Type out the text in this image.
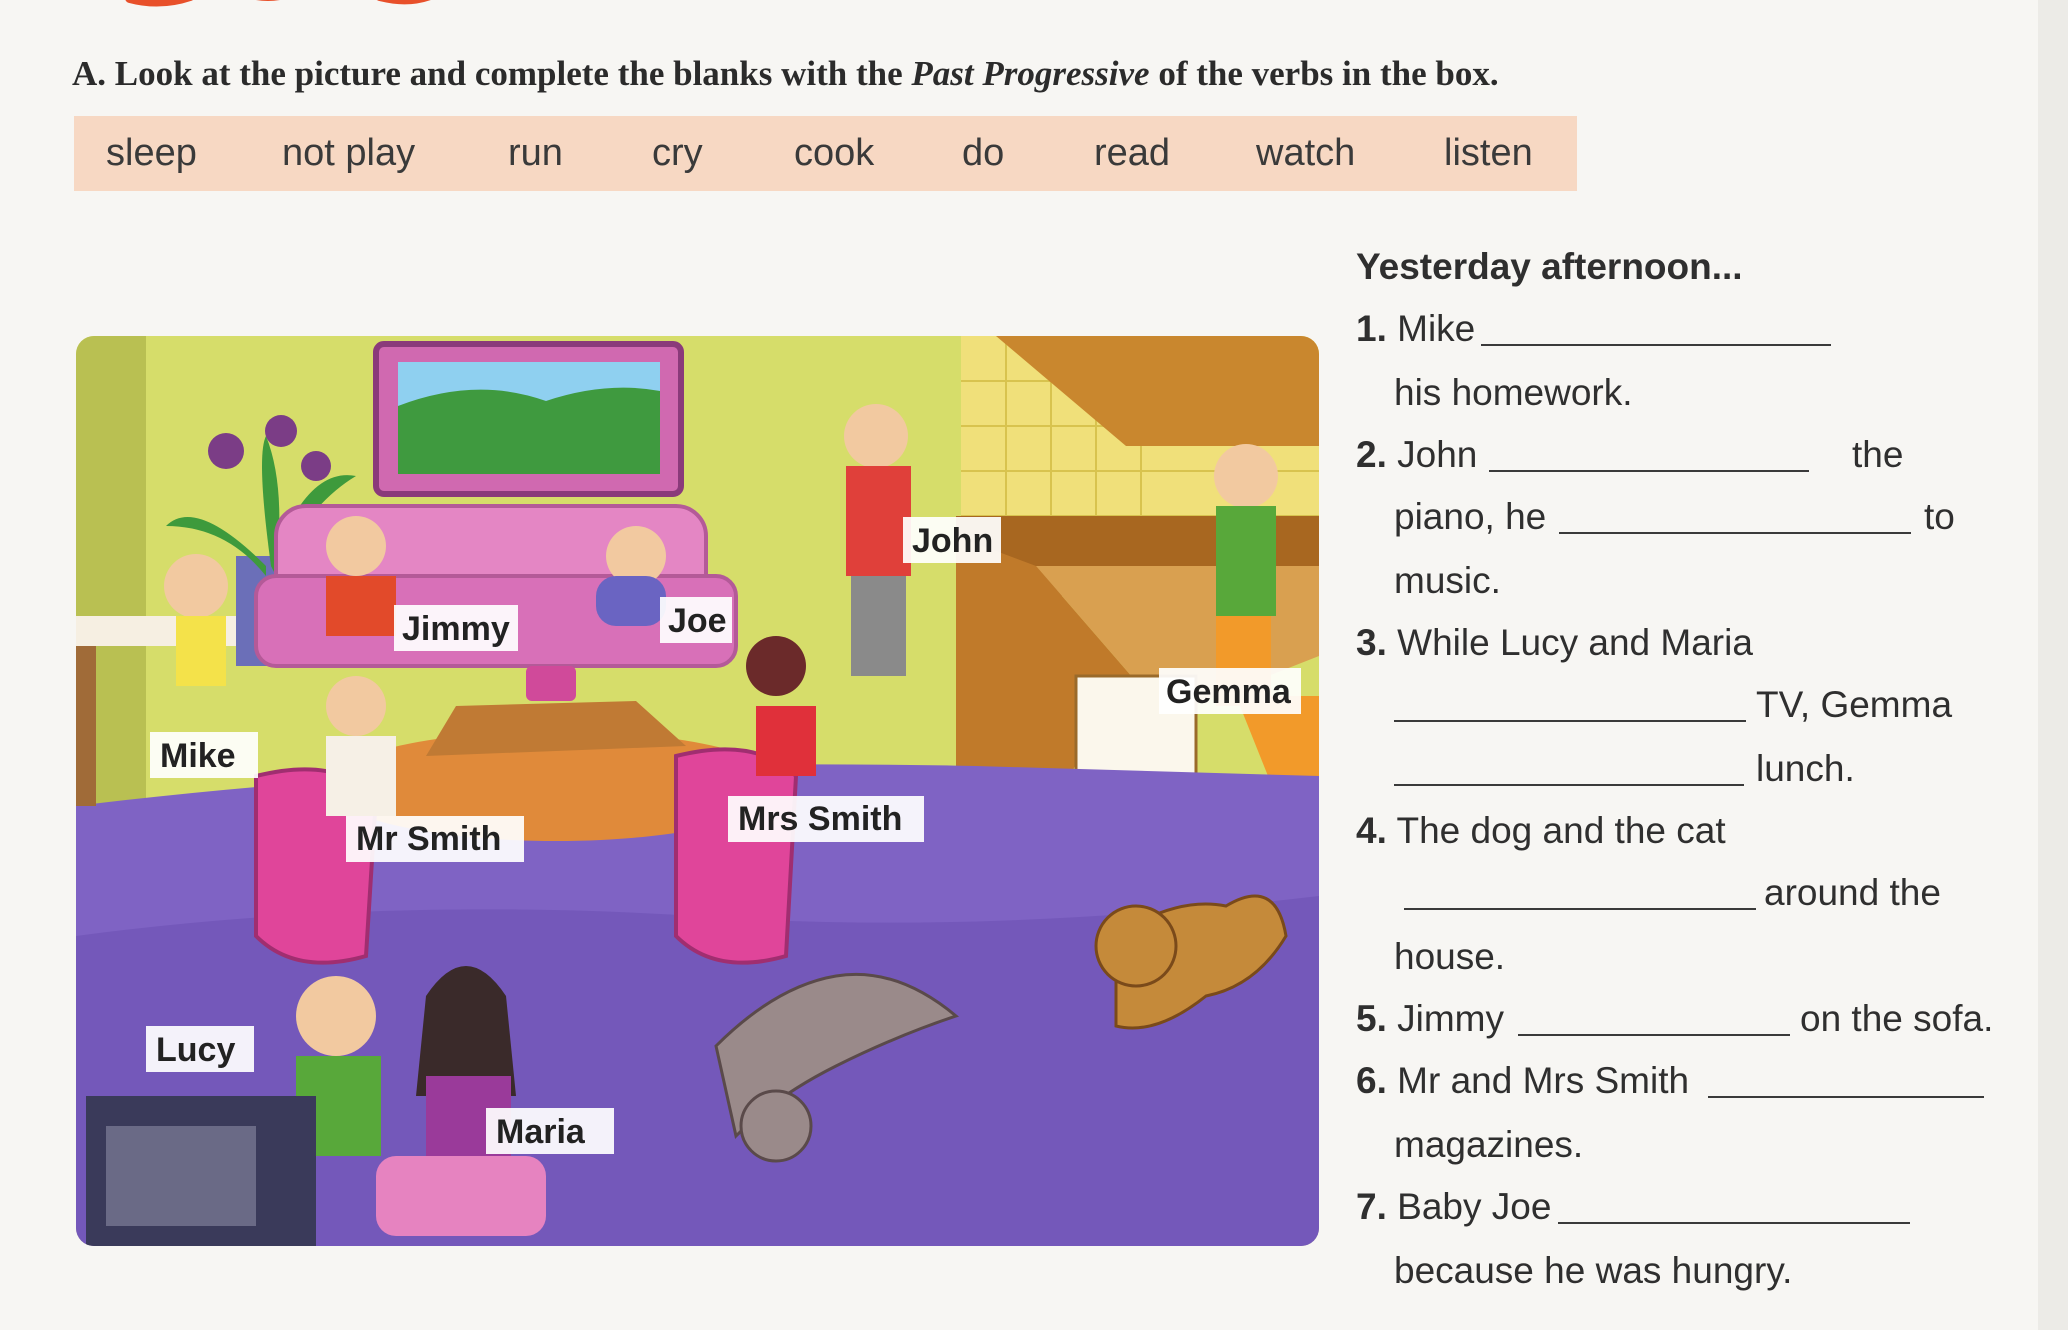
A. Look at the picture and complete the blanks with the Past Progressive of the verbs in the box.
sleep not play run cry cook do read watch listen
John
Jimmy	Joe
Gemma
Mike
Mr Smith
Mrs Smith
Lucy
Maria
Yesterday afternoon...
1. Mike
his homework.
2. John	the
piano, he	to
music.
3. While Lucy and Maria
TV, Gemma
lunch.
4. The dog and the cat
around the
house.
5. Jimmy	on the sofa.
6. Mr and Mrs Smith
magazines.
7. Baby Joe
because he was hungry.
